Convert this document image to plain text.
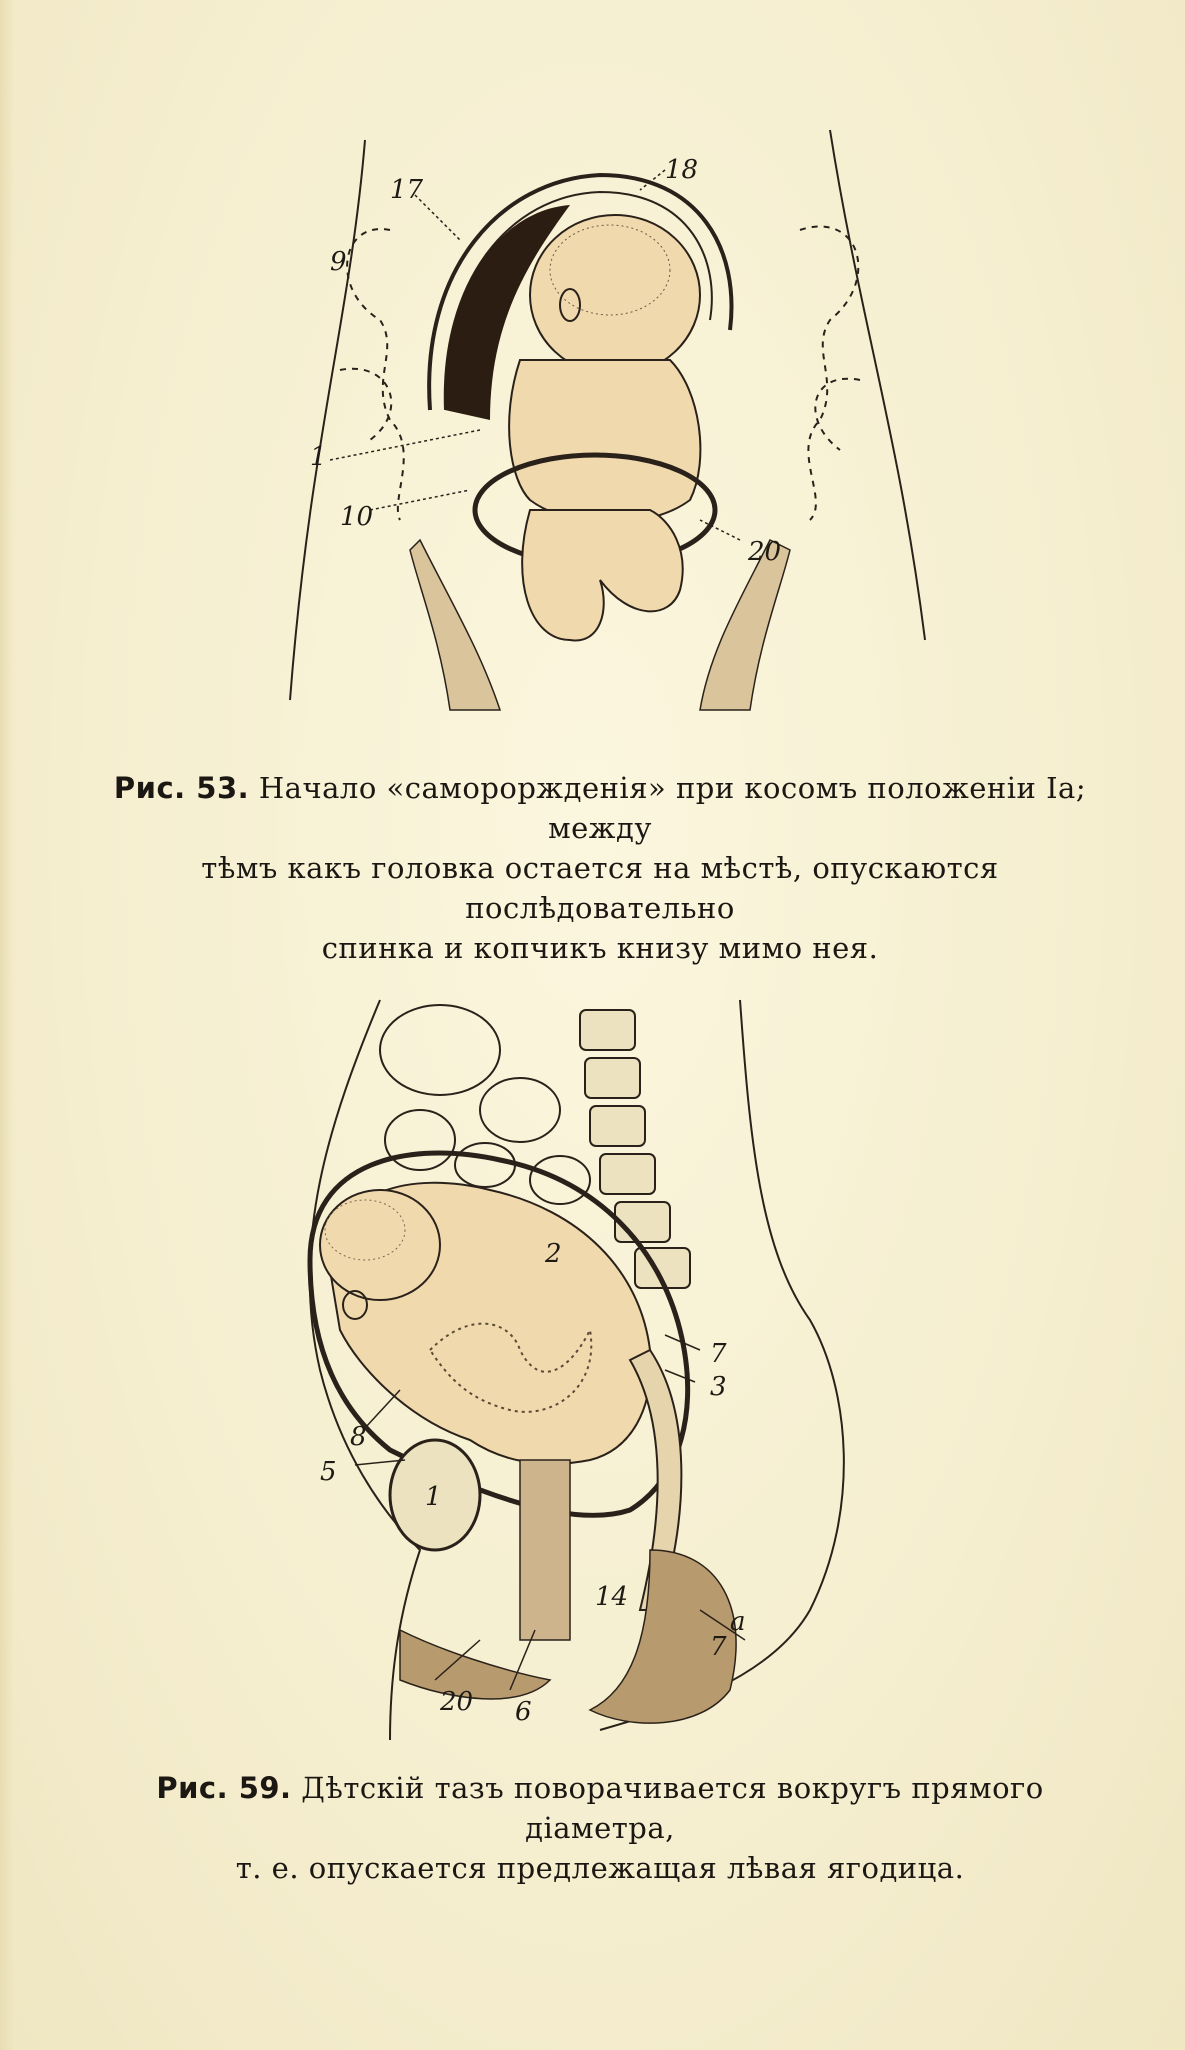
17
18
9
1
10
20
Рис. 53. Начало «самороржденія» при косомъ положеніи Ia; между
тѣмъ какъ головка остается на мѣстѣ, опускаются послѣдовательно
спинка и копчикъ книзу мимо нея.
2
7
3
8
5
1
14
7
a
20 6
Рис. 59. Дѣтскій тазъ поворачивается вокругъ прямого діаметра,
т. е. опускается предлежащая лѣвая ягодица.
